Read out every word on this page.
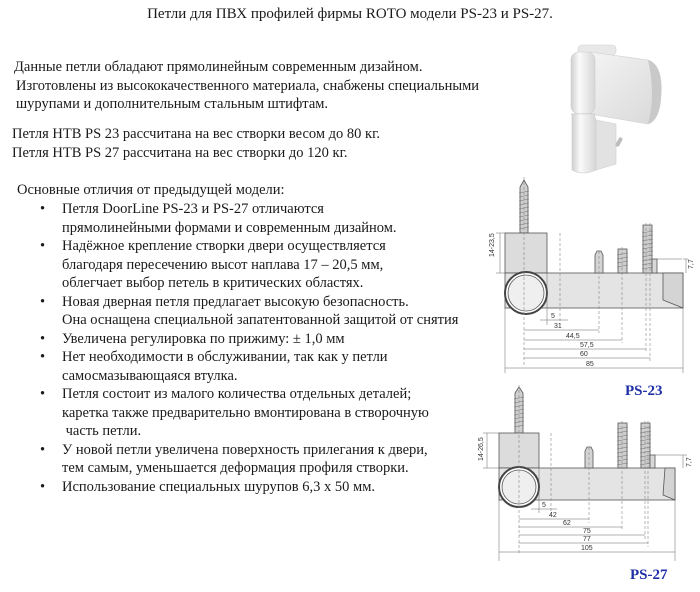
Петли для ПВХ профилей фирмы ROTO модели PS-23 и PS-27.
Данные петли обладают прямолинейным современным дизайном.
Изготовлены из высококачественного материала, снабжены специальными
шурупами и дополнительным стальным штифтам.
Петля НТВ PS 23 рассчитана на вес створки весом до 80 кг.
Петля НТВ PS 27 рассчитана на вес створки до 120 кг.
Основные отличия от предыдущей модели:
• Петля DoorLine PS-23 и PS-27 отличаются
прямолинейными формами и современным дизайном.
• Надёжное крепление створки двери осуществляется
благодаря пересечению высот наплава 17 – 20,5 мм,
облегчает выбор петель в критических областях.
• Новая дверная петля предлагает высокую безопасность.
Она оснащена специальной запатентованной защитой от снятия
• Увеличена регулировка по прижиму: ± 1,0 мм
• Нет необходимости в обслуживании, так как у петли
самосмазывающаяся втулка.
• Петля состоит из малого количества отдельных деталей;
каретка также предварительно вмонтирована в створочную
часть петли.
• У новой петли увеличена поверхность прилегания к двери,
тем самым, уменьшается деформация профиля створки.
• Использование специальных шурупов 6,3 х 50 мм.
14-23,5
7,7
5
31
44,5
57,5
60
85
PS-23
14-26,5
7,7
5
42
62
75
77
105
PS-27
